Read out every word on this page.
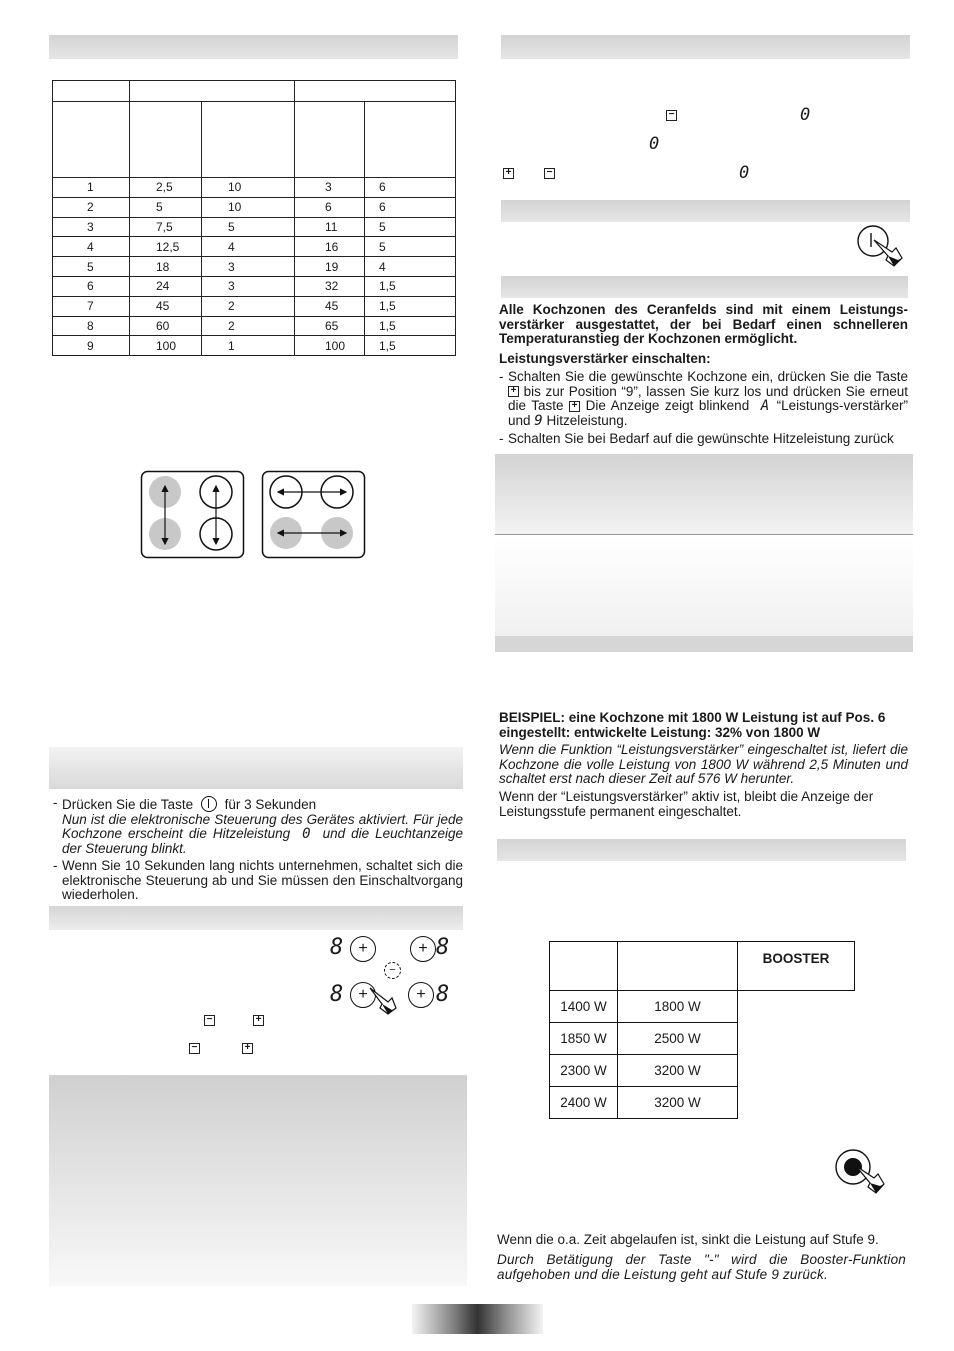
1	2,5	10	3	6
2	5	10	6	6
3	7,5	5	11	5
4	12,5	4	16	5
5	18	3	19	4
6	24	3	32	1,5
7	45	2	45	1,5
8	60	2	65	1,5
9	100	1	100	1,5
- Drücken Sie die Taste für 3 Sekunden
Nun ist die elektronische Steuerung des Gerätes aktiviert. Für jede Kochzone erscheint die Hitzeleistung 0 und die Leuchtanzeige der Steuerung blinkt.
- Wenn Sie 10 Sekunden lang nichts unternehmen, schaltet sich die elektronische Steuerung ab und Sie müssen den Einschaltvorgang wiederholen.
8 +	+ 8
−
8 +	+ 8
−	+
−	+
−	0
0
+	−	0
Alle Kochzonen des Ceranfelds sind mit einem Leistungs-verstärker ausgestattet, der bei Bedarf einen schnelleren Temperaturanstieg der Kochzonen ermöglicht.
Leistungsverstärker einschalten:
- Schalten Sie die gewünschte Kochzone ein, drücken Sie die Taste + bis zur Position “9”, lassen Sie kurz los und drücken Sie erneut die Taste + Die Anzeige zeigt blinkend A “Leistungs-verstärker” und 9 Hitzeleistung.
- Schalten Sie bei Bedarf auf die gewünschte Hitzeleistung zurück
BEISPIEL: eine Kochzone mit 1800 W Leistung ist auf Pos. 6 eingestellt: entwickelte Leistung: 32% von 1800 W
Wenn die Funktion “Leistungsverstärker” eingeschaltet ist, liefert die Kochzone die volle Leistung von 1800 W während 2,5 Minuten und schaltet erst nach dieser Zeit auf 576 W herunter.
Wenn der “Leistungsverstärker” aktiv ist, bleibt die Anzeige der Leistungsstufe permanent eingeschaltet.
		BOOSTER
1400 W	1800 W	
1850 W	2500 W	
2300 W	3200 W	
2400 W	3200 W	
Wenn die o.a. Zeit abgelaufen ist, sinkt die Leistung auf Stufe 9.
Durch Betätigung der Taste "-" wird die Booster-Funktion aufgehoben und die Leistung geht auf Stufe 9 zurück.
